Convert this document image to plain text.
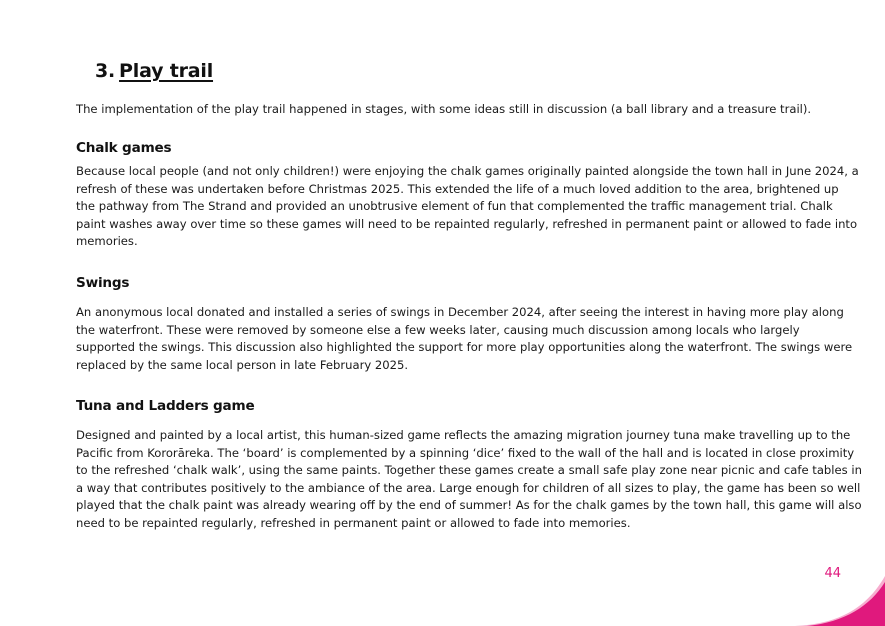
3. Play trail
The implementation of the play trail happened in stages, with some ideas still in discussion (a ball library and a treasure trail).
Chalk games
Because local people (and not only children!) were enjoying the chalk games originally painted alongside the town hall in June 2024, a
refresh of these was undertaken before Christmas 2025. This extended the life of a much loved addition to the area, brightened up
the pathway from The Strand and provided an unobtrusive element of fun that complemented the traffic management trial. Chalk
paint washes away over time so these games will need to be repainted regularly, refreshed in permanent paint or allowed to fade into
memories.
Swings
An anonymous local donated and installed a series of swings in December 2024, after seeing the interest in having more play along
the waterfront. These were removed by someone else a few weeks later, causing much discussion among locals who largely
supported the swings. This discussion also highlighted the support for more play opportunities along the waterfront. The swings were
replaced by the same local person in late February 2025.
Tuna and Ladders game
Designed and painted by a local artist, this human-sized game reflects the amazing migration journey tuna make travelling up to the
Pacific from Kororāreka. The ‘board’ is complemented by a spinning ‘dice’ fixed to the wall of the hall and is located in close proximity
to the refreshed ‘chalk walk’, using the same paints. Together these games create a small safe play zone near picnic and cafe tables in
a way that contributes positively to the ambiance of the area. Large enough for children of all sizes to play, the game has been so well
played that the chalk paint was already wearing off by the end of summer! As for the chalk games by the town hall, this game will also
need to be repainted regularly, refreshed in permanent paint or allowed to fade into memories.
44
